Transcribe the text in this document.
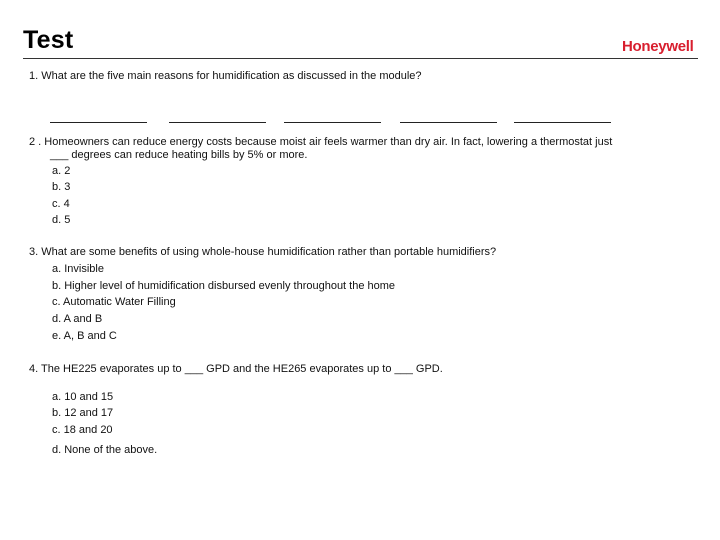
Test	Honeywell
1. What are the five main reasons for humidification as discussed in the module?
2 . Homeowners can reduce energy costs because moist air feels warmer than dry air. In fact, lowering a thermostat just
___ degrees can reduce heating bills by 5% or more.
a. 2
b. 3
c. 4
d. 5
3. What are some benefits of using whole-house humidification rather than portable humidifiers?
a. Invisible
b. Higher level of humidification disbursed evenly throughout the home
c. Automatic Water Filling
d. A and B
e. A, B and C
4. The HE225 evaporates up to ___ GPD and the HE265 evaporates up to ___ GPD.
a. 10 and 15
b. 12 and 17
c. 18 and 20
d. None of the above.
